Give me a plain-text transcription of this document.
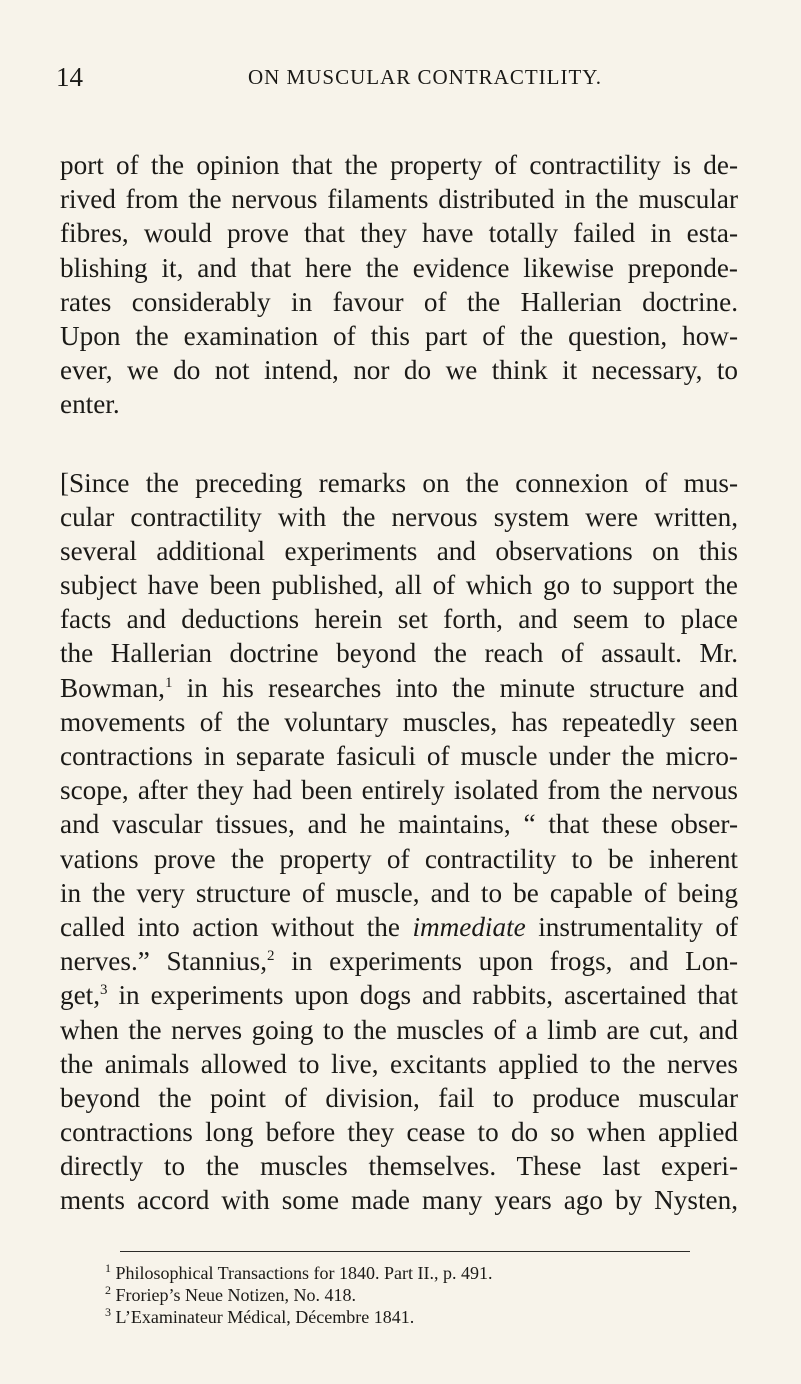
14	ON MUSCULAR CONTRACTILITY.
port of the opinion that the property of contractility is de-
rived from the nervous filaments distributed in the muscular
fibres, would prove that they have totally failed in esta-
blishing it, and that here the evidence likewise preponde-
rates considerably in favour of the Hallerian doctrine.
Upon the examination of this part of the question, how-
ever, we do not intend, nor do we think it necessary, to
enter.
[Since the preceding remarks on the connexion of mus-
cular contractility with the nervous system were written,
several additional experiments and observations on this
subject have been published, all of which go to support the
facts and deductions herein set forth, and seem to place
the Hallerian doctrine beyond the reach of assault. Mr.
Bowman,$^1$ in his researches into the minute structure and
movements of the voluntary muscles, has repeatedly seen
contractions in separate fasiculi of muscle under the micro-
scope, after they had been entirely isolated from the nervous
and vascular tissues, and he maintains, “ that these obser-
vations prove the property of contractility to be inherent
in the very structure of muscle, and to be capable of being
called into action without the immediate instrumentality of
nerves.” Stannius,$^2$ in experiments upon frogs, and Lon-
get,$^3$ in experiments upon dogs and rabbits, ascertained that
when the nerves going to the muscles of a limb are cut, and
the animals allowed to live, excitants applied to the nerves
beyond the point of division, fail to produce muscular
contractions long before they cease to do so when applied
directly to the muscles themselves. These last experi-
ments accord with some made many years ago by Nysten,
$^1$ Philosophical Transactions for 1840. Part II., p. 491.
$^2$ Froriep’s Neue Notizen, No. 418.
$^3$ L’Examinateur Médical, Décembre 1841.
